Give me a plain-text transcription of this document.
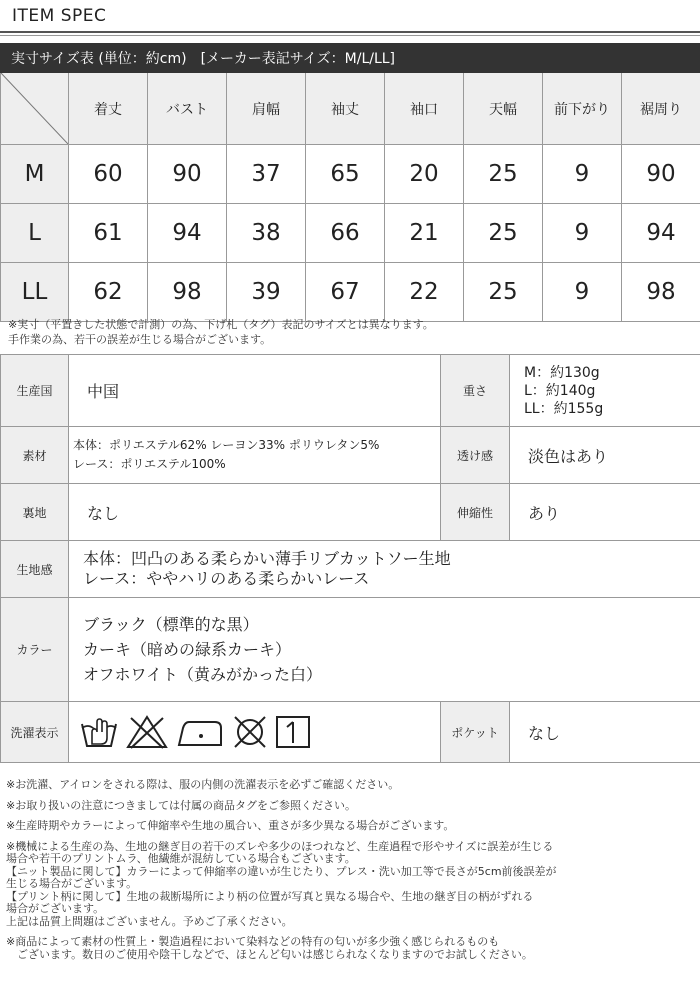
ITEM SPEC
実寸サイズ表 (単位：約cm)　[メーカー表記サイズ：M/L/LL]								

	着丈	バスト	肩幅	袖丈	袖口	天幅	前下がり	裾周り
M	60	90	37	65	20	25	9	90
L	61	94	38	66	21	25	9	94
LL	62	98	39	67	22	25	9	98
※実寸（平置きした状態で計測）の為、下げ札（タグ）表記のサイズとは異なります。
手作業の為、若干の誤差が生じる場合がございます。
生産国	中国	重さ	M：約130g
L：約140g
LL：約155g

素材	本体：ポリエステル62% レーヨン33% ポリウレタン5%
レース：ポリエステル100%	透け感	淡色はあり
裏地	なし	伸縮性	あり
生地感	本体：凹凸のある柔らかい薄手リブカットソー生地
レース：ややハリのある柔らかいレース		

カラー	ブラック（標準的な黒）
カーキ（暗めの緑系カーキ）
オフホワイト（黄みがかった白）		

洗濯表示		ポケット	なし

※お洗濯、アイロンをされる際は、服の内側の洗濯表示を必ずご確認ください。

※お取り扱いの注意につきましては付属の商品タグをご参照ください。

※生産時期やカラーによって伸縮率や生地の風合い、重さが多少異なる場合がございます。

※機械による生産の為、生地の継ぎ目の若干のズレや多少のほつれなど、生産過程で形やサイズに誤差が生じる
場合や若干のプリントムラ、他繊維が混紡している場合もございます。
【ニット製品に関して】カラーによって伸縮率の違いが生じたり、プレス・洗い加工等で長さが5cm前後誤差が
生じる場合がございます。
【プリント柄に関して】生地の裁断場所により柄の位置が写真と異なる場合や、生地の継ぎ目の柄がずれる
場合がございます。
上記は品質上問題はございません。予めご了承ください。
※商品によって素材の性質上・製造過程において染料などの特有の匂いが多少強く感じられるものも
　ございます。数日のご使用や陰干しなどで、ほとんど匂いは感じられなくなりますのでお試しください。
